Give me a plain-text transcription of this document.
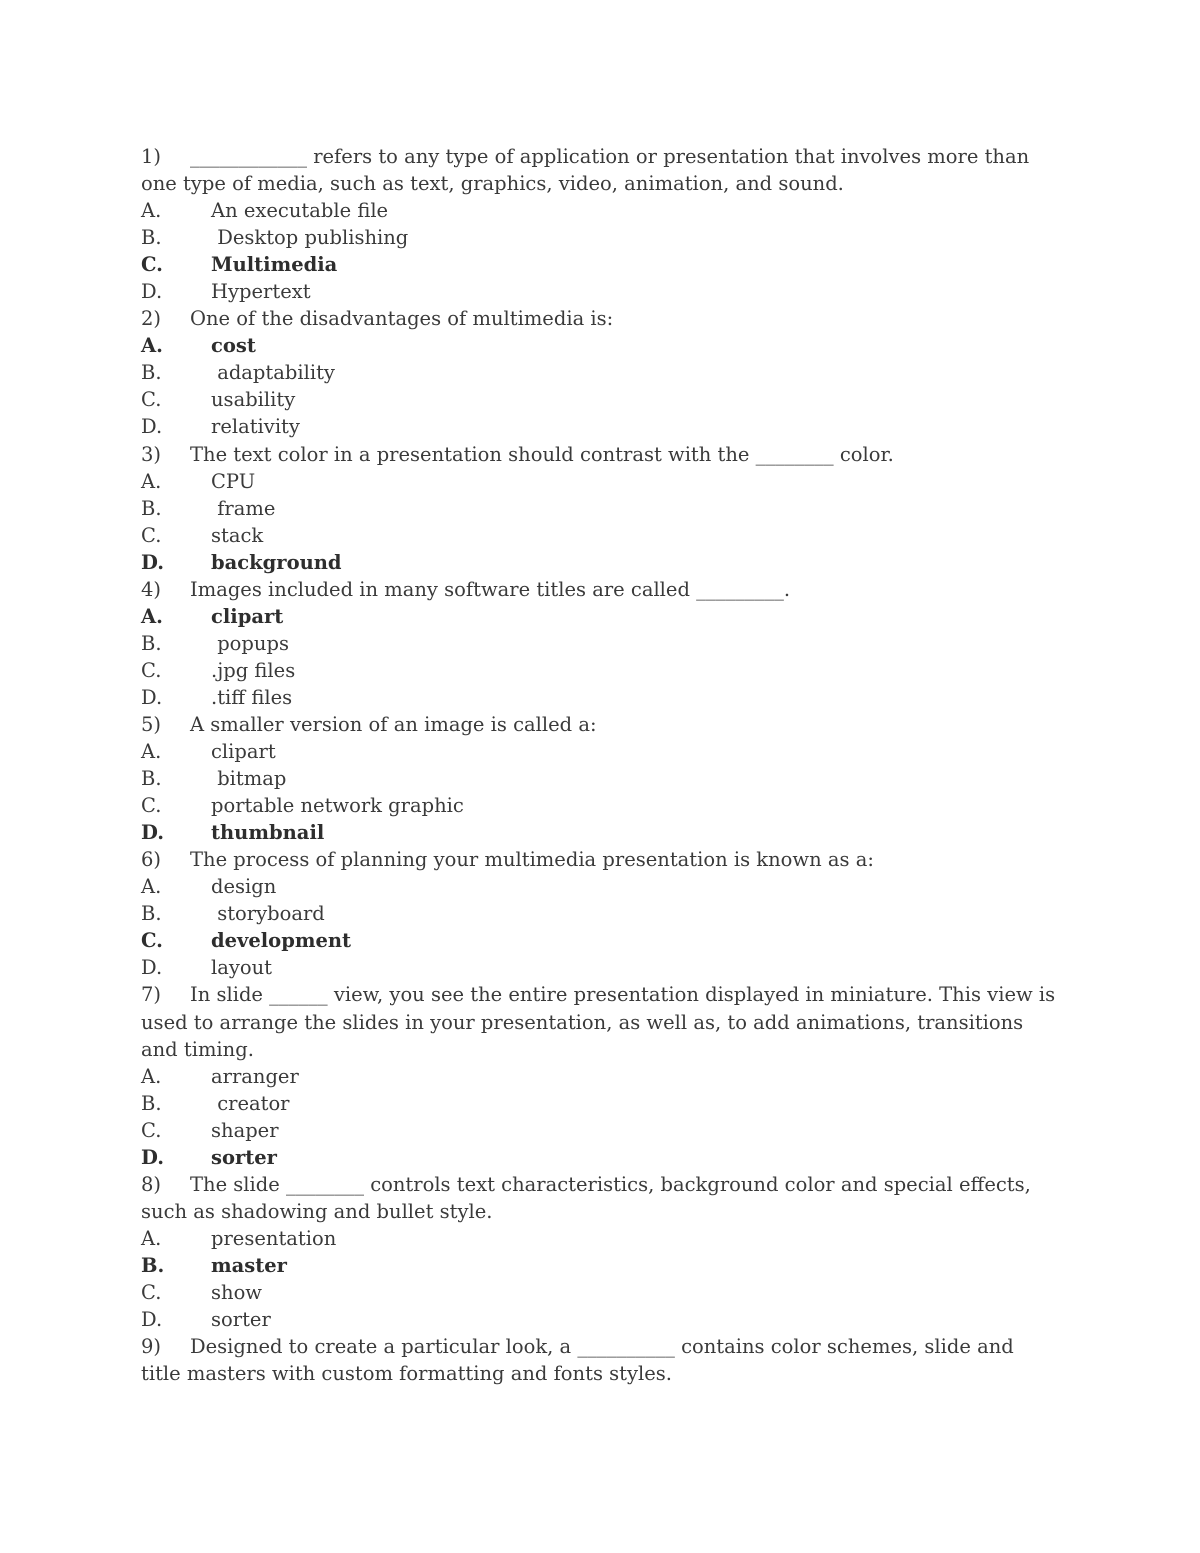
1) ____________ refers to any type of application or presentation that involves more than one type of media, such as text, graphics, video, animation, and sound.
A.	An executable file
B.	Desktop publishing
C. Multimedia
D.	Hypertext
2) One of the disadvantages of multimedia is:
A. cost
B.	adaptability
C.	usability
D.	relativity
3) The text color in a presentation should contrast with the ________ color.
A.	CPU
B.	frame
C.	stack
D. background
4) Images included in many software titles are called _________.
A. clipart
B.	popups
C.	.jpg files
D.	.tiff files
5) A smaller version of an image is called a:
A.	clipart
B.	bitmap
C.	portable network graphic
D. thumbnail
6) The process of planning your multimedia presentation is known as a:
A.	design
B.	storyboard
C. development
D.	layout
7) In slide ______ view, you see the entire presentation displayed in miniature. This view is used to arrange the slides in your presentation, as well as, to add animations, transitions and timing.
A.	arranger
B.	creator
C.	shaper
D. sorter
8) The slide ________ controls text characteristics, background color and special effects, such as shadowing and bullet style.
A.	presentation
B. master
C.	show
D.	sorter
9) Designed to create a particular look, a __________ contains color schemes, slide and title masters with custom formatting and fonts styles.
